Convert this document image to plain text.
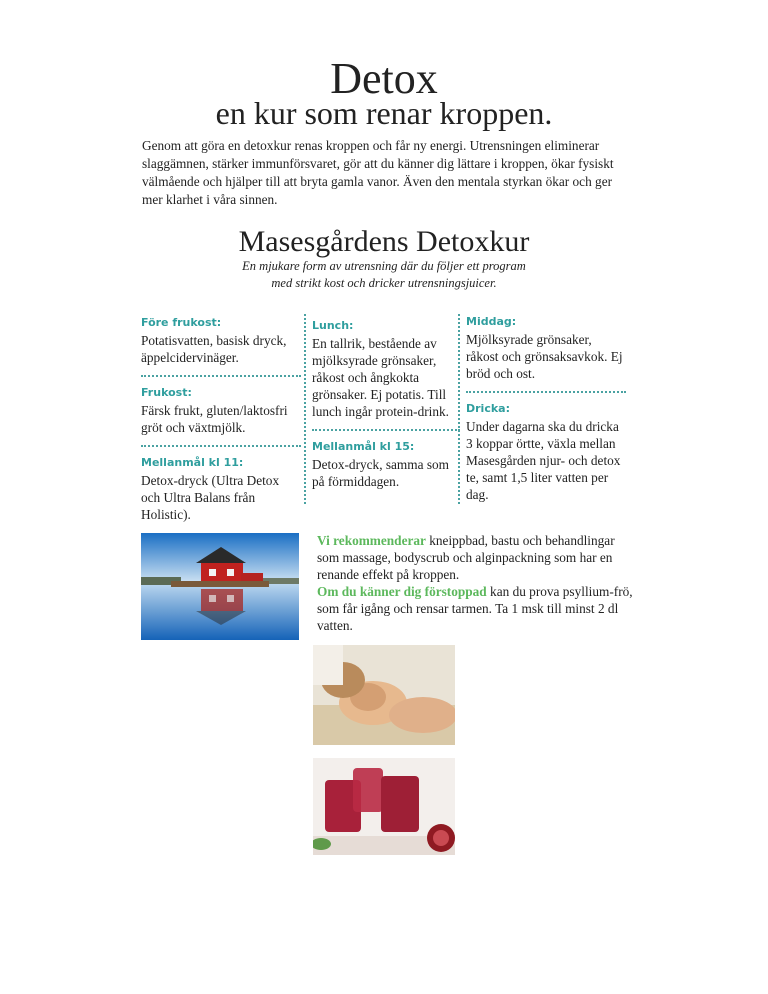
Detox
en kur som renar kroppen.
Genom att göra en detoxkur renas kroppen och får ny energi. Utrensningen eliminerar slaggämnen, stärker immunförsvaret, gör att du känner dig lättare i kroppen, ökar fysiskt välmående och hjälper till att bryta gamla vanor. Även den mentala styrkan ökar och ger mer klarhet i våra sinnen.
Masesgårdens Detoxkur
En mjukare form av utrensning där du följer ett program
med strikt kost och dricker utrensningsjuicer.
Före frukost:
Potatisvatten, basisk dryck, äppelcidervinäger.
Frukost:
Färsk frukt, gluten/laktosfri gröt och växtmjölk.
Mellanmål kl 11:
Detox-dryck (Ultra Detox och Ultra Balans från Holistic).
Lunch:
En tallrik, bestående av mjölksyrade grönsaker, råkost och ångkokta grönsaker. Ej potatis. Till lunch ingår protein-drink.
Mellanmål kl 15:
Detox-dryck, samma som på förmiddagen.
Middag:
Mjölksyrade grönsaker, råkost och grönsaksavkok. Ej bröd och ost.
Dricka:
Under dagarna ska du dricka 3 koppar örtte, växla mellan Masesgården njur- och detox te, samt 1,5 liter vatten per dag.
Vi rekommenderar kneippbad, bastu och behandlingar som massage, bodyscrub och alginpackning som har en renande effekt på kroppen.
Om du känner dig förstoppad kan du prova psyllium-frö, som får igång och rensar tarmen. Ta 1 msk till minst 2 dl vatten.
